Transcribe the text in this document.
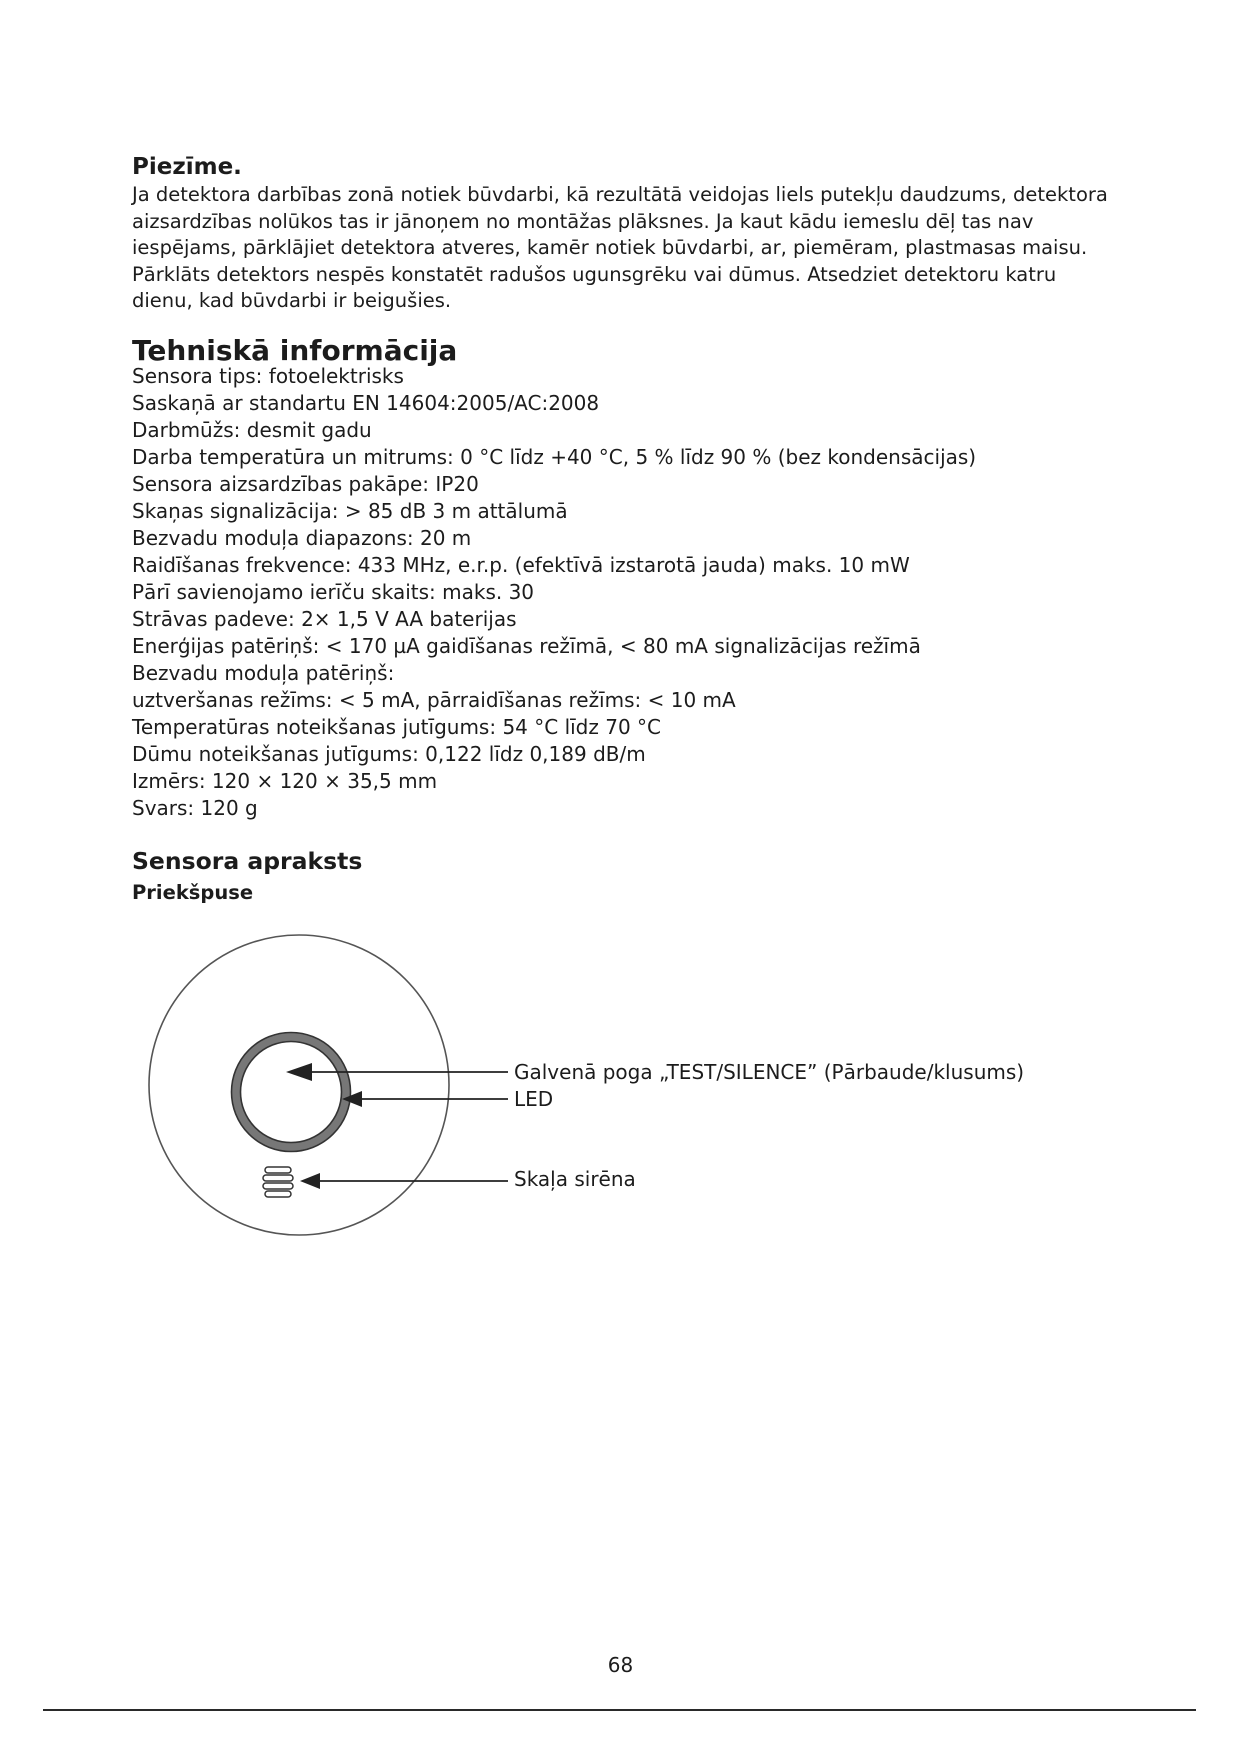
Piezīme.

Ja detektora darbības zonā notiek būvdarbi, kā rezultātā veidojas liels putekļu daudzums, detektora aizsardzības nolūkos tas ir jānoņem no montāžas plāksnes. Ja kaut kādu iemeslu dēļ tas nav iespējams, pārklājiet detektora atveres, kamēr notiek būvdarbi, ar, piemēram, plastmasas maisu.

Pārklāts detektors nespēs konstatēt radušos ugunsgrēku vai dūmus. Atsedziet detektoru katru dienu, kad būvdarbi ir beigušies.

Tehniskā informācija
Sensora tips: fotoelektrisks
Saskaņā ar standartu EN 14604:2005/AC:2008
Darbmūžs: desmit gadu
Darba temperatūra un mitrums: 0 °C līdz +40 °C, 5 % līdz 90 % (bez kondensācijas)
Sensora aizsardzības pakāpe: IP20
Skaņas signalizācija: > 85 dB 3 m attālumā
Bezvadu moduļa diapazons: 20 m
Raidīšanas frekvence: 433 MHz, e.r.p. (efektīvā izstarotā jauda) maks. 10 mW
Pārī savienojamo ierīču skaits: maks. 30
Strāvas padeve: 2× 1,5 V AA baterijas
Enerģijas patēriņš: < 170 µA gaidīšanas režīmā, < 80 mA signalizācijas režīmā
Bezvadu moduļa patēriņš:
uztveršanas režīms: < 5 mA, pārraidīšanas režīms: < 10 mA
Temperatūras noteikšanas jutīgums: 54 °C līdz 70 °C
Dūmu noteikšanas jutīgums: 0,122 līdz 0,189 dB/m
Izmērs: 120 × 120 × 35,5 mm
Svars: 120 g
Sensora apraksts
Priekšpuse
Galvenā poga „TEST/SILENCE” (Pārbaude/klusums)
LED
Skaļa sirēna

68
